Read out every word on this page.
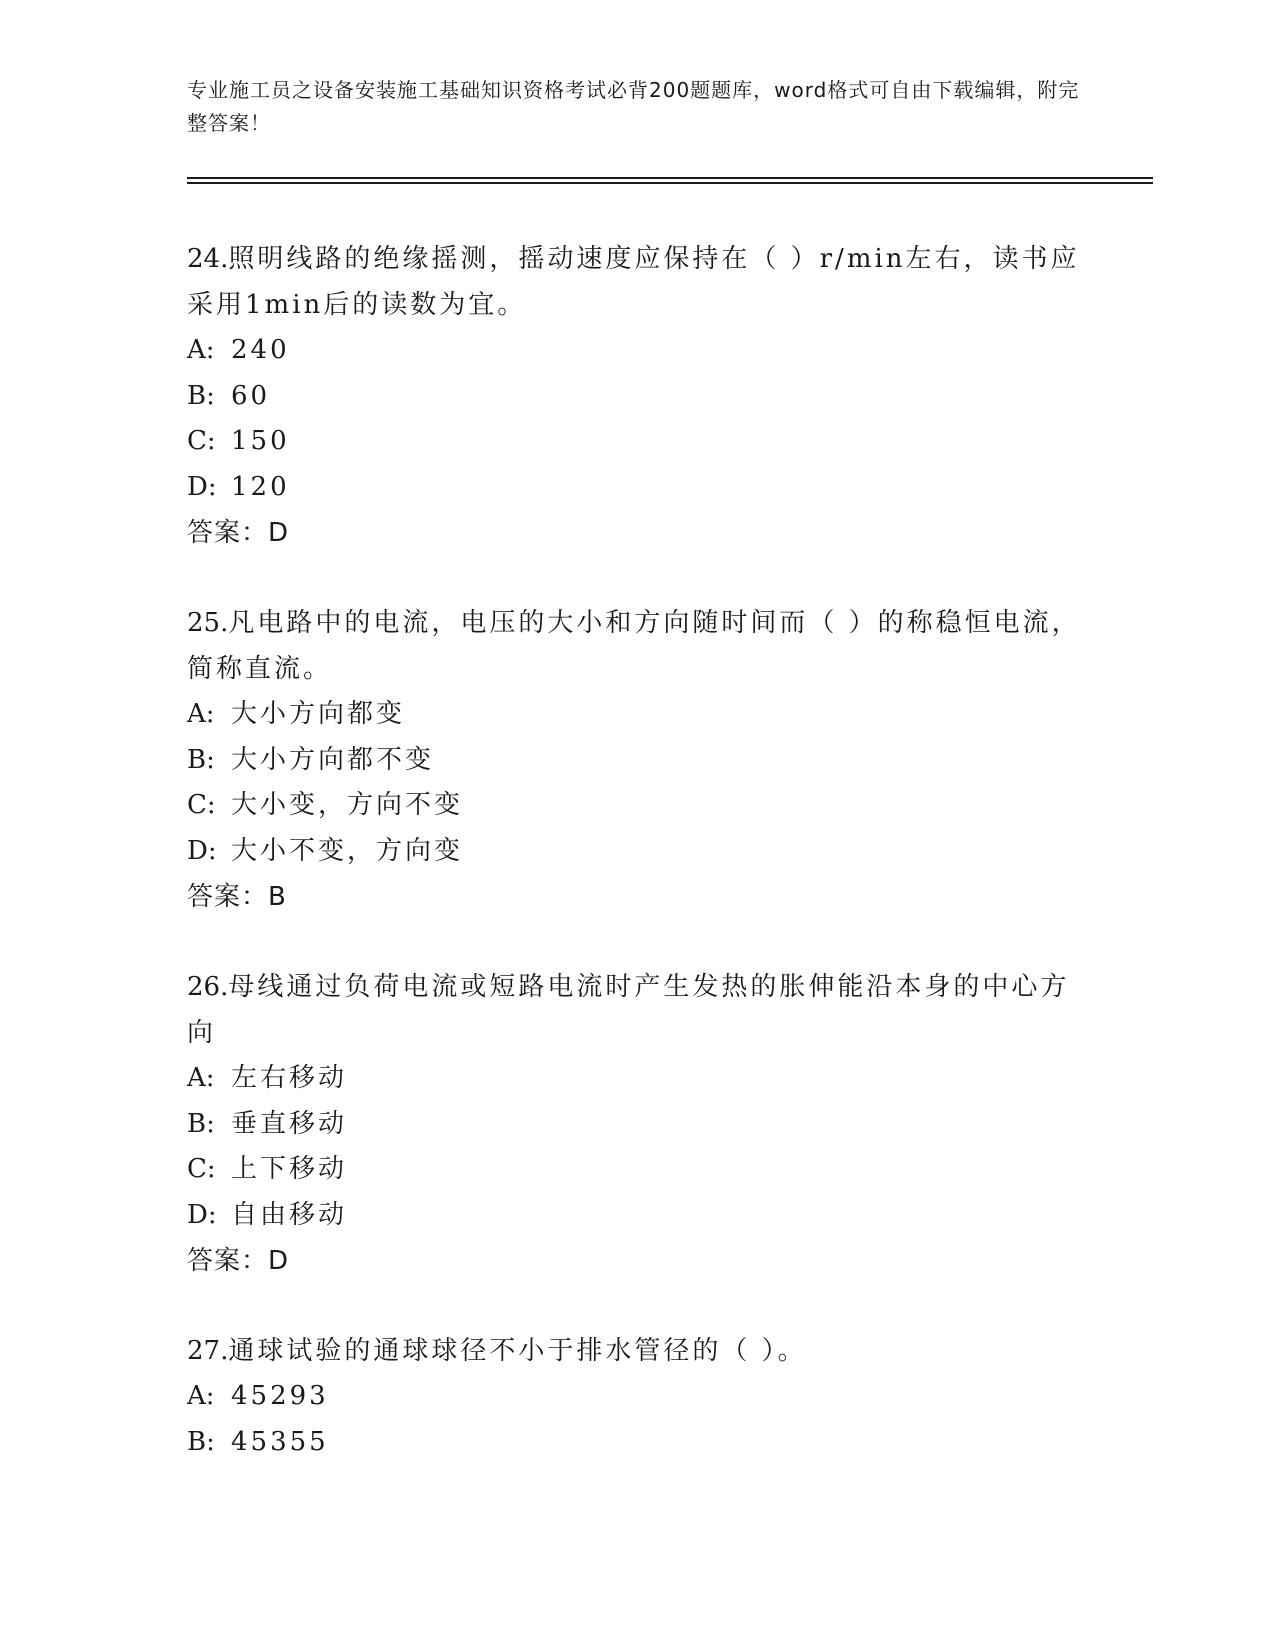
专业施工员之设备安装施工基础知识资格考试必背200题题库，word格式可自由下载编辑，附完整答案！
24.照明线路的绝缘摇测，摇动速度应保持在（ ）r/min左右，读书应采用1min后的读数为宜。
A: 240
B: 60
C: 150
D: 120
答案：D
25.凡电路中的电流，电压的大小和方向随时间而（ ）的称稳恒电流，简称直流。
A: 大小方向都变
B: 大小方向都不变
C: 大小变，方向不变
D: 大小不变，方向变
答案：B
26.母线通过负荷电流或短路电流时产生发热的胀伸能沿本身的中心方向
A: 左右移动
B: 垂直移动
C: 上下移动
D: 自由移动
答案：D
27.通球试验的通球球径不小于排水管径的（ ）。
A: 45293
B: 45355
